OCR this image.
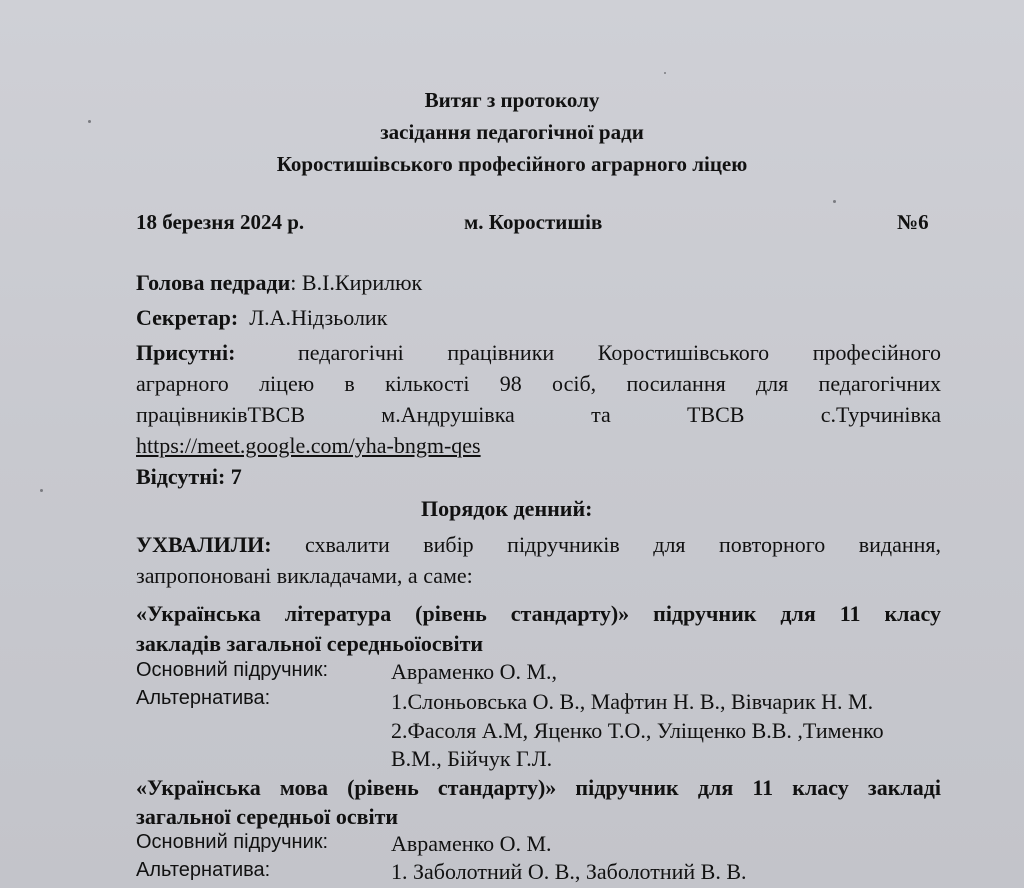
Витяг з протоколу
засідання педагогічної ради
Коростишівського професійного аграрного ліцею
18 березня 2024 р.	м. Коростишів	№6
Голова педради: В.І.Кирилюк
Секретар: Л.А.Нідзьолик
Присутні:	педагогічні працівники Коростишівського професійного
аграрного ліцею в кількості 98 осіб, посилання для педагогічних
працівниківТВСВ м.Андрушівка та ТВСВ с.Турчинівка
https://meet.google.com/yha-bngm-qes
Відсутні: 7
Порядок денний:
УХВАЛИЛИ: схвалити вибір підручників для повторного видання,
запропоновані викладачами, а саме:
«Українська література (рівень стандарту)» підручник для 11 класу
закладів загальної середньоїосвіти
Основний підручник:	Авраменко О. М.,
Альтернатива:	1.Слоньовська О. В., Мафтин Н. В., Вівчарик Н. М.
2.Фасоля А.М, Яценко Т.О., Уліщенко В.В. ,Тименко
В.М., Бійчук Г.Л.
«Українська мова (рівень стандарту)» підручник для 11 класу закладі
загальної середньої освіти
Основний підручник:	Авраменко О. М.
Альтернатива:	1. Заболотний О. В., Заболотний В. В.
